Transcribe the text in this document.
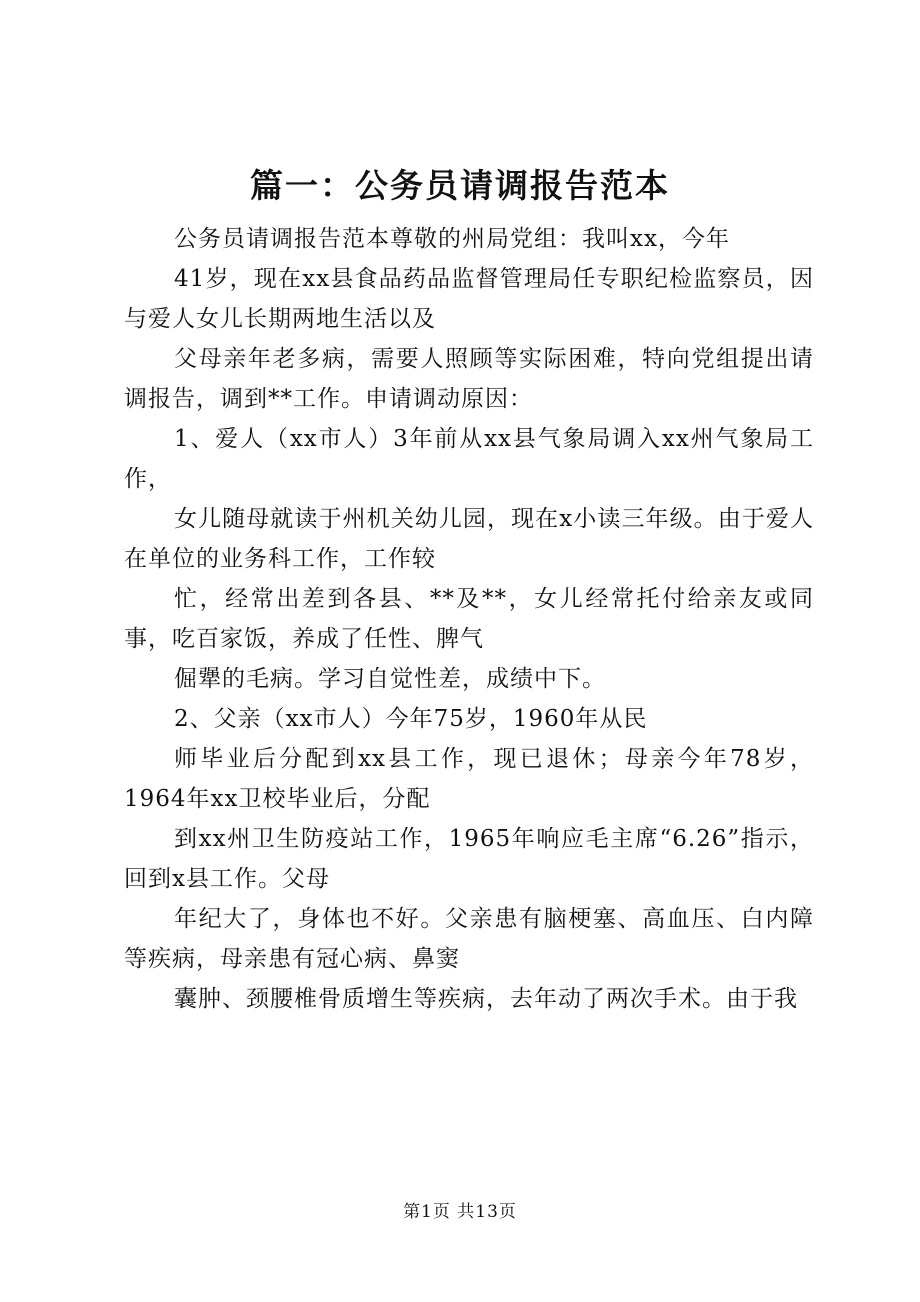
篇一：公务员请调报告范本

公务员请调报告范本尊敬的州局党组：我叫xx，今年

41岁，现在xx县食品药品监督管理局任专职纪检监察员，因与爱人女儿长期两地生活以及

父母亲年老多病，需要人照顾等实际困难，特向党组提出请调报告，调到**工作。申请调动原因：

1、爱人（xx市人）3年前从xx县气象局调入xx州气象局工作，

女儿随母就读于州机关幼儿园，现在x小读三年级。由于爱人在单位的业务科工作，工作较

忙，经常出差到各县、**及**，女儿经常托付给亲友或同事，吃百家饭，养成了任性、脾气

倔犟的毛病。学习自觉性差，成绩中下。

2、父亲（xx市人）今年75岁，1960年从民

师毕业后分配到xx县工作，现已退休；母亲今年78岁，1964年xx卫校毕业后，分配

到xx州卫生防疫站工作，1965年响应毛主席“6.26”指示，回到x县工作。父母

年纪大了，身体也不好。父亲患有脑梗塞、高血压、白内障等疾病，母亲患有冠心病、鼻窦

囊肿、颈腰椎骨质增生等疾病，去年动了两次手术。由于我

第1页 共13页
